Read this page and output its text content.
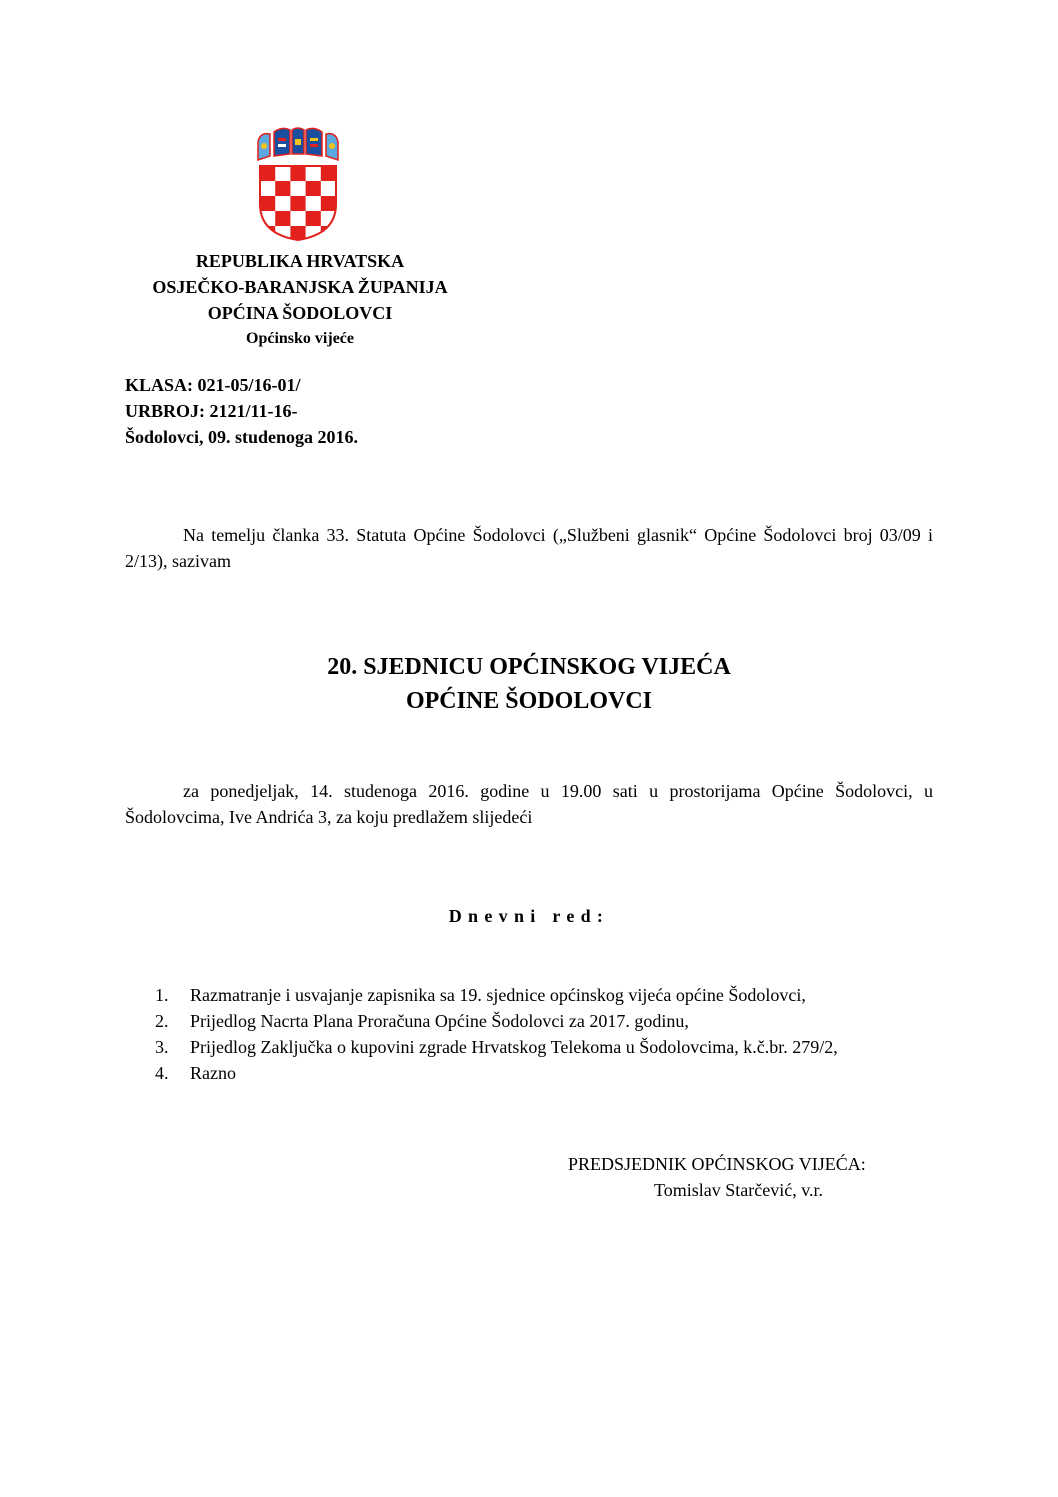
REPUBLIKA HRVATSKA
OSJEČKO-BARANJSKA ŽUPANIJA
OPĆINA ŠODOLOVCI
Općinsko vijeće
KLASA: 021-05/16-01/
URBROJ: 2121/11-16-
Šodolovci, 09. studenoga 2016.
Na temelju članka 33. Statuta Općine Šodolovci („Službeni glasnik“ Općine Šodolovci broj 03/09 i 2/13), sazivam
20. SJEDNICU OPĆINSKOG VIJEĆA
OPĆINE ŠODOLOVCI
za ponedjeljak, 14. studenoga 2016. godine u 19.00 sati u prostorijama Općine Šodolovci, u Šodolovcima, Ive Andrića 3, za koju predlažem slijedeći
Dnevni red:
1. Razmatranje i usvajanje zapisnika sa 19. sjednice općinskog vijeća općine Šodolovci,
2. Prijedlog Nacrta Plana Proračuna Općine Šodolovci za 2017. godinu,
3. Prijedlog Zaključka o kupovini zgrade Hrvatskog Telekoma u Šodolovcima, k.č.br. 279/2,
4. Razno
PREDSJEDNIK OPĆINSKOG VIJEĆA:
Tomislav Starčević, v.r.
